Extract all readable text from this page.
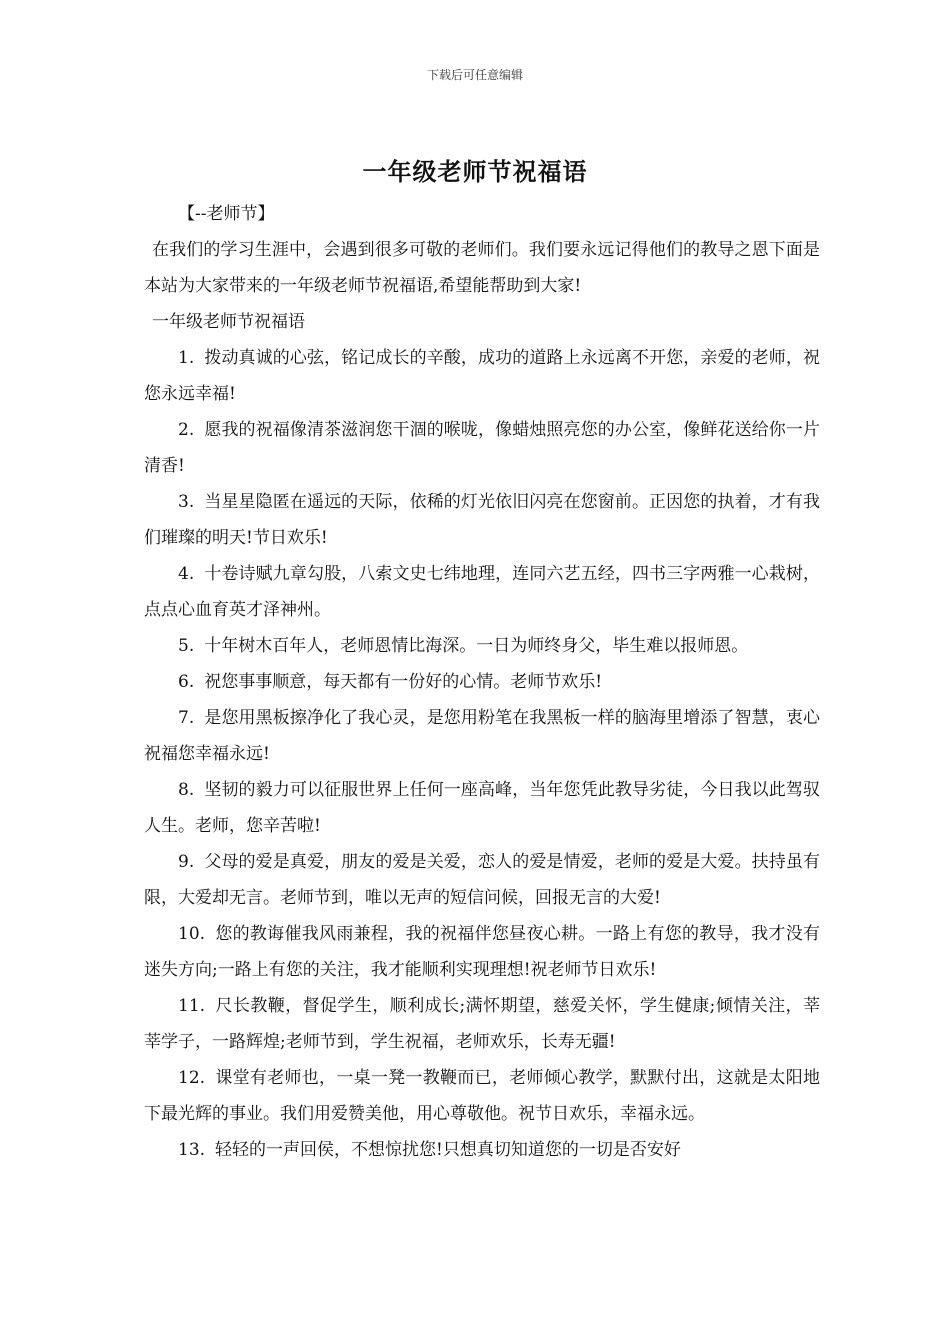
下载后可任意编辑
一年级老师节祝福语

【--老师节】

在我们的学习生涯中，会遇到很多可敬的老师们。我们要永远记得他们的教导之恩下面是本站为大家带来的一年级老师节祝福语,希望能帮助到大家!

一年级老师节祝福语

1. 拨动真诚的心弦，铭记成长的辛酸，成功的道路上永远离不开您，亲爱的老师，祝您永远幸福!

2. 愿我的祝福像清茶滋润您干涸的喉咙，像蜡烛照亮您的办公室，像鲜花送给你一片清香!

3. 当星星隐匿在遥远的天际，依稀的灯光依旧闪亮在您窗前。正因您的执着，才有我们璀璨的明天!节日欢乐!

4. 十卷诗赋九章勾股，八索文史七纬地理，连同六艺五经，四书三字两雅一心栽树，点点心血育英才泽神州。

5. 十年树木百年人，老师恩情比海深。一日为师终身父，毕生难以报师恩。

6. 祝您事事顺意，每天都有一份好的心情。老师节欢乐!

7. 是您用黑板擦净化了我心灵，是您用粉笔在我黑板一样的脑海里增添了智慧，衷心祝福您幸福永远!

8. 坚韧的毅力可以征服世界上任何一座高峰，当年您凭此教导劣徒，今日我以此驾驭人生。老师，您辛苦啦!

9. 父母的爱是真爱，朋友的爱是关爱，恋人的爱是情爱，老师的爱是大爱。扶持虽有限，大爱却无言。老师节到，唯以无声的短信问候，回报无言的大爱!

10. 您的教诲催我风雨兼程，我的祝福伴您昼夜心耕。一路上有您的教导，我才没有迷失方向;一路上有您的关注，我才能顺利实现理想!祝老师节日欢乐!

11. 尺长教鞭，督促学生，顺利成长;满怀期望，慈爱关怀，学生健康;倾情关注，莘莘学子，一路辉煌;老师节到，学生祝福，老师欢乐，长寿无疆!

12. 课堂有老师也，一桌一凳一教鞭而已，老师倾心教学，默默付出，这就是太阳地下最光辉的事业。我们用爱赞美他，用心尊敬他。祝节日欢乐，幸福永远。

13. 轻轻的一声回侯，不想惊扰您!只想真切知道您的一切是否安好
